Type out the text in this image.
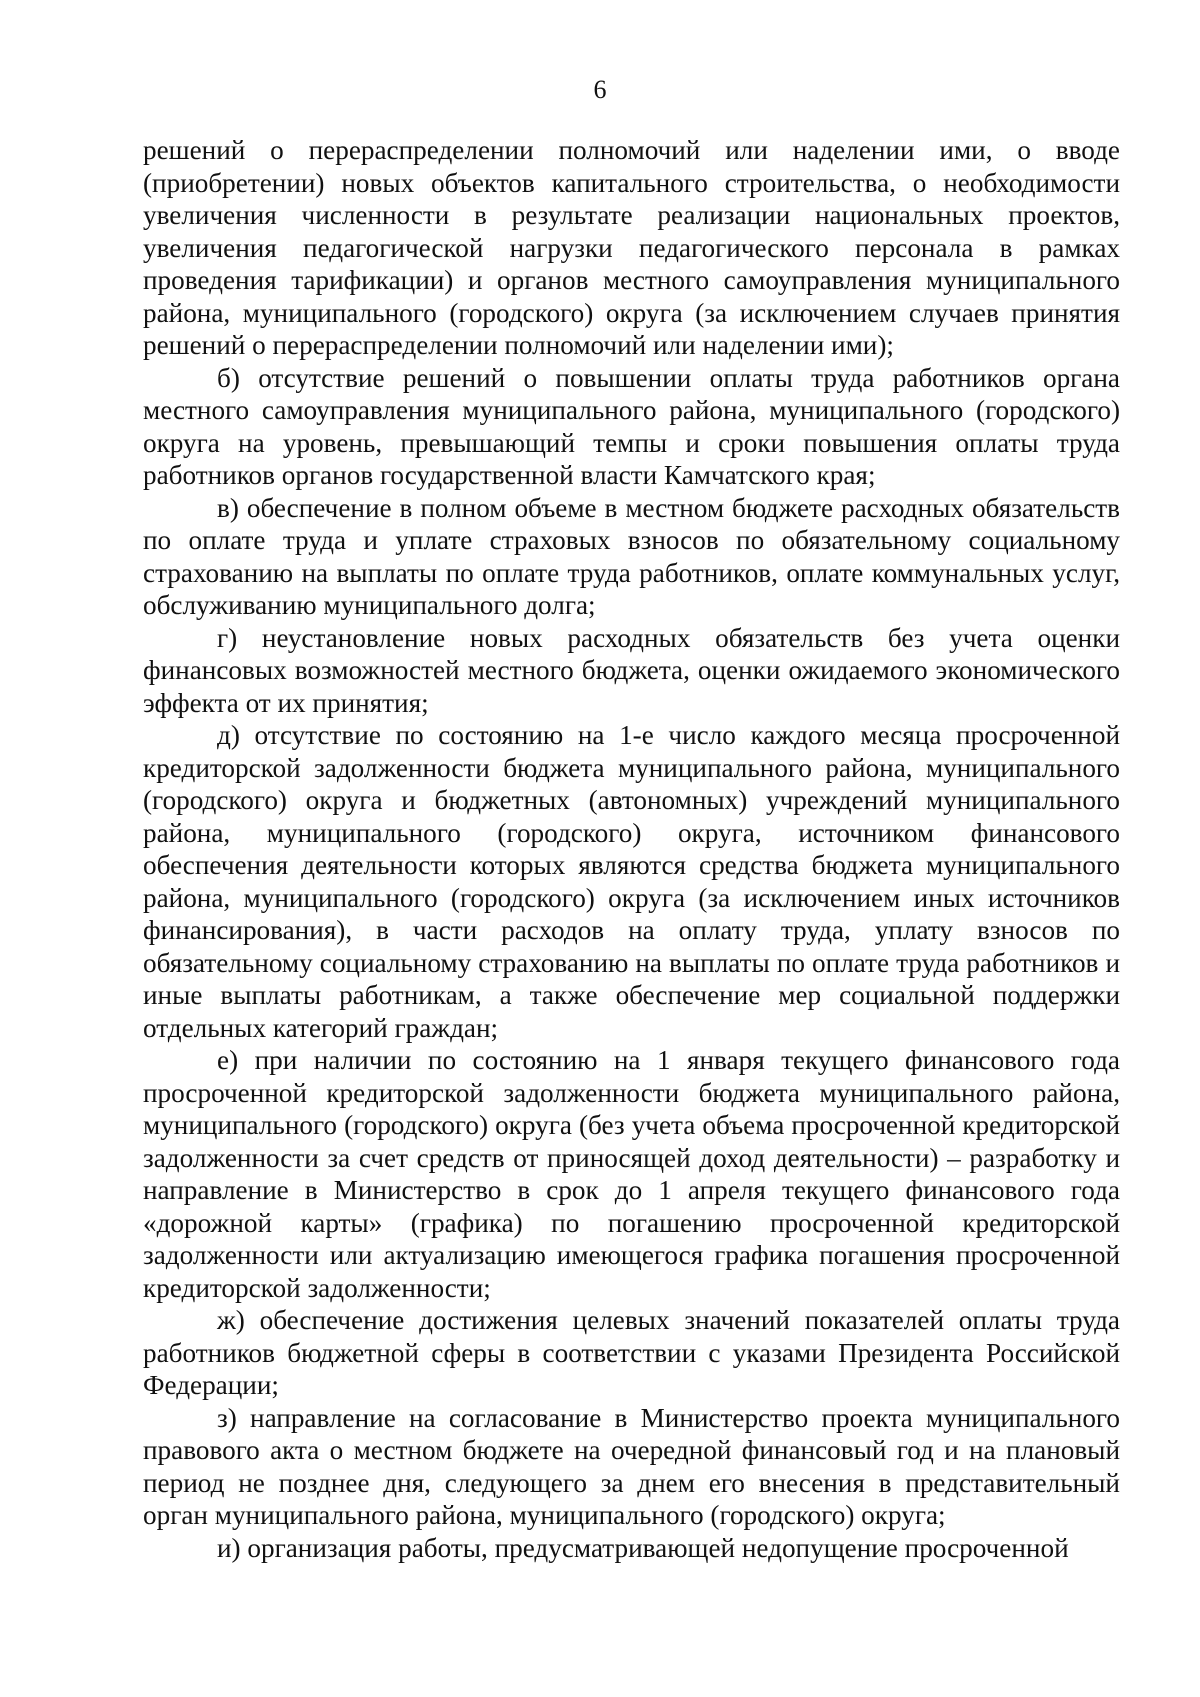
6

решений о перераспределении полномочий или наделении ими, о вводе (приобретении) новых объектов капитального строительства, о необходимости увеличения численности в результате реализации национальных проектов, увеличения педагогической нагрузки педагогического персонала в рамках проведения тарификации) и органов местного самоуправления муниципального района, муниципального (городского) округа (за исключением случаев принятия решений о перераспределении полномочий или наделении ими);

б) отсутствие решений о повышении оплаты труда работников органа местного самоуправления муниципального района, муниципального (городского) округа на уровень, превышающий темпы и сроки повышения оплаты труда работников органов государственной власти Камчатского края;

в) обеспечение в полном объеме в местном бюджете расходных обязательств по оплате труда и уплате страховых взносов по обязательному социальному страхованию на выплаты по оплате труда работников, оплате коммунальных услуг, обслуживанию муниципального долга;

г) неустановление новых расходных обязательств без учета оценки финансовых возможностей местного бюджета, оценки ожидаемого экономического эффекта от их принятия;

д) отсутствие по состоянию на 1-е число каждого месяца просроченной кредиторской задолженности бюджета муниципального района, муниципального (городского) округа и бюджетных (автономных) учреждений муниципального района, муниципального (городского) округа, источником финансового обеспечения деятельности которых являются средства бюджета муниципального района, муниципального (городского) округа (за исключением иных источников финансирования), в части расходов на оплату труда, уплату взносов по обязательному социальному страхованию на выплаты по оплате труда работников и иные выплаты работникам, а также обеспечение мер социальной поддержки отдельных категорий граждан;

е) при наличии по состоянию на 1 января текущего финансового года просроченной кредиторской задолженности бюджета муниципального района, муниципального (городского) округа (без учета объема просроченной кредиторской задолженности за счет средств от приносящей доход деятельности) – разработку и направление в Министерство в срок до 1 апреля текущего финансового года «дорожной карты» (графика) по погашению просроченной кредиторской задолженности или актуализацию имеющегося графика погашения просроченной кредиторской задолженности;

ж) обеспечение достижения целевых значений показателей оплаты труда работников бюджетной сферы в соответствии с указами Президента Российской Федерации;

з) направление на согласование в Министерство проекта муниципального правового акта о местном бюджете на очередной финансовый год и на плановый период не позднее дня, следующего за днем его внесения в представительный орган муниципального района, муниципального (городского) округа;

и) организация работы, предусматривающей недопущение просроченной
